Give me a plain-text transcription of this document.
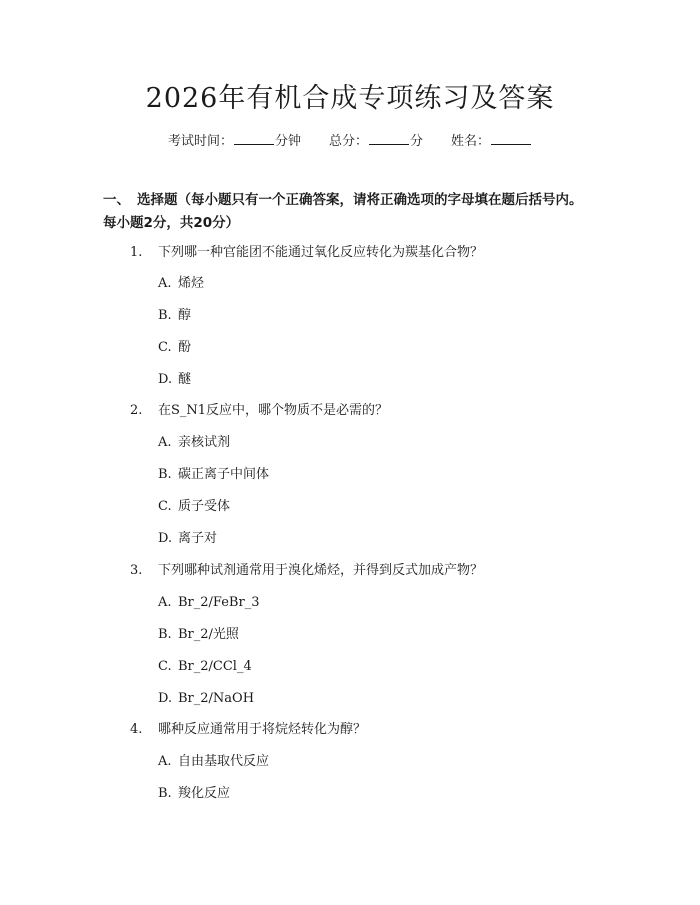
2026年有机合成专项练习及答案
考试时间：	分钟 总分：	分 姓名：
一、 选择题（每小题只有一个正确答案，请将正确选项的字母填在题后括号内。
每小题2分，共20分）
1. 下列哪一种官能团不能通过氧化反应转化为羰基化合物？
A. 烯烃
B. 醇
C. 酚
D. 醚
2. 在S_N1反应中，哪个物质不是必需的？
A. 亲核试剂
B. 碳正离子中间体
C. 质子受体
D. 离子对
3. 下列哪种试剂通常用于溴化烯烃，并得到反式加成产物？
A. Br_2/FeBr_3
B. Br_2/光照
C. Br_2/CCl_4
D. Br_2/NaOH
4. 哪种反应通常用于将烷烃转化为醇？
A. 自由基取代反应
B. 羧化反应
